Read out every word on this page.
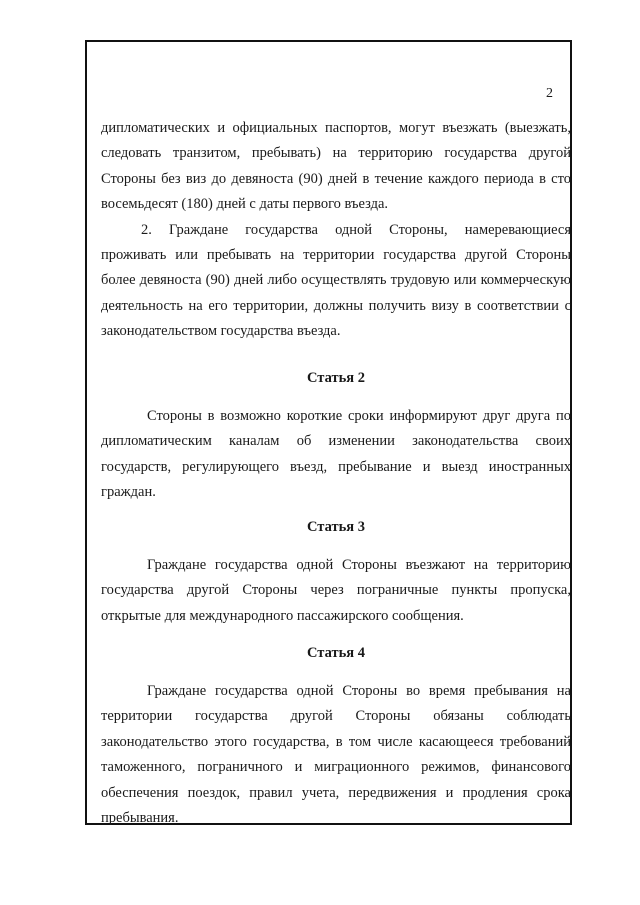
2

дипломатических и официальных паспортов, могут въезжать (выезжать, следовать транзитом, пребывать) на территорию государства другой Стороны без виз до девяноста (90) дней в течение каждого периода в сто восемьдесят (180) дней с даты первого въезда.

2. Граждане государства одной Стороны, намеревающиеся проживать или пребывать на территории государства другой Стороны более девяноста (90) дней либо осуществлять трудовую или коммерческую деятельность на его территории, должны получить визу в соответствии с законодательством государства въезда.

Статья 2

Стороны в возможно короткие сроки информируют друг друга по дипломатическим каналам об изменении законодательства своих государств, регулирующего въезд, пребывание и выезд иностранных граждан.

Статья 3

Граждане государства одной Стороны въезжают на территорию государства другой Стороны через пограничные пункты пропуска, открытые для международного пассажирского сообщения.

Статья 4

Граждане государства одной Стороны во время пребывания на территории государства другой Стороны обязаны соблюдать законодательство этого государства, в том числе касающееся требований таможенного, пограничного и миграционного режимов, финансового обеспечения поездок, правил учета, передвижения и продления срока пребывания.
